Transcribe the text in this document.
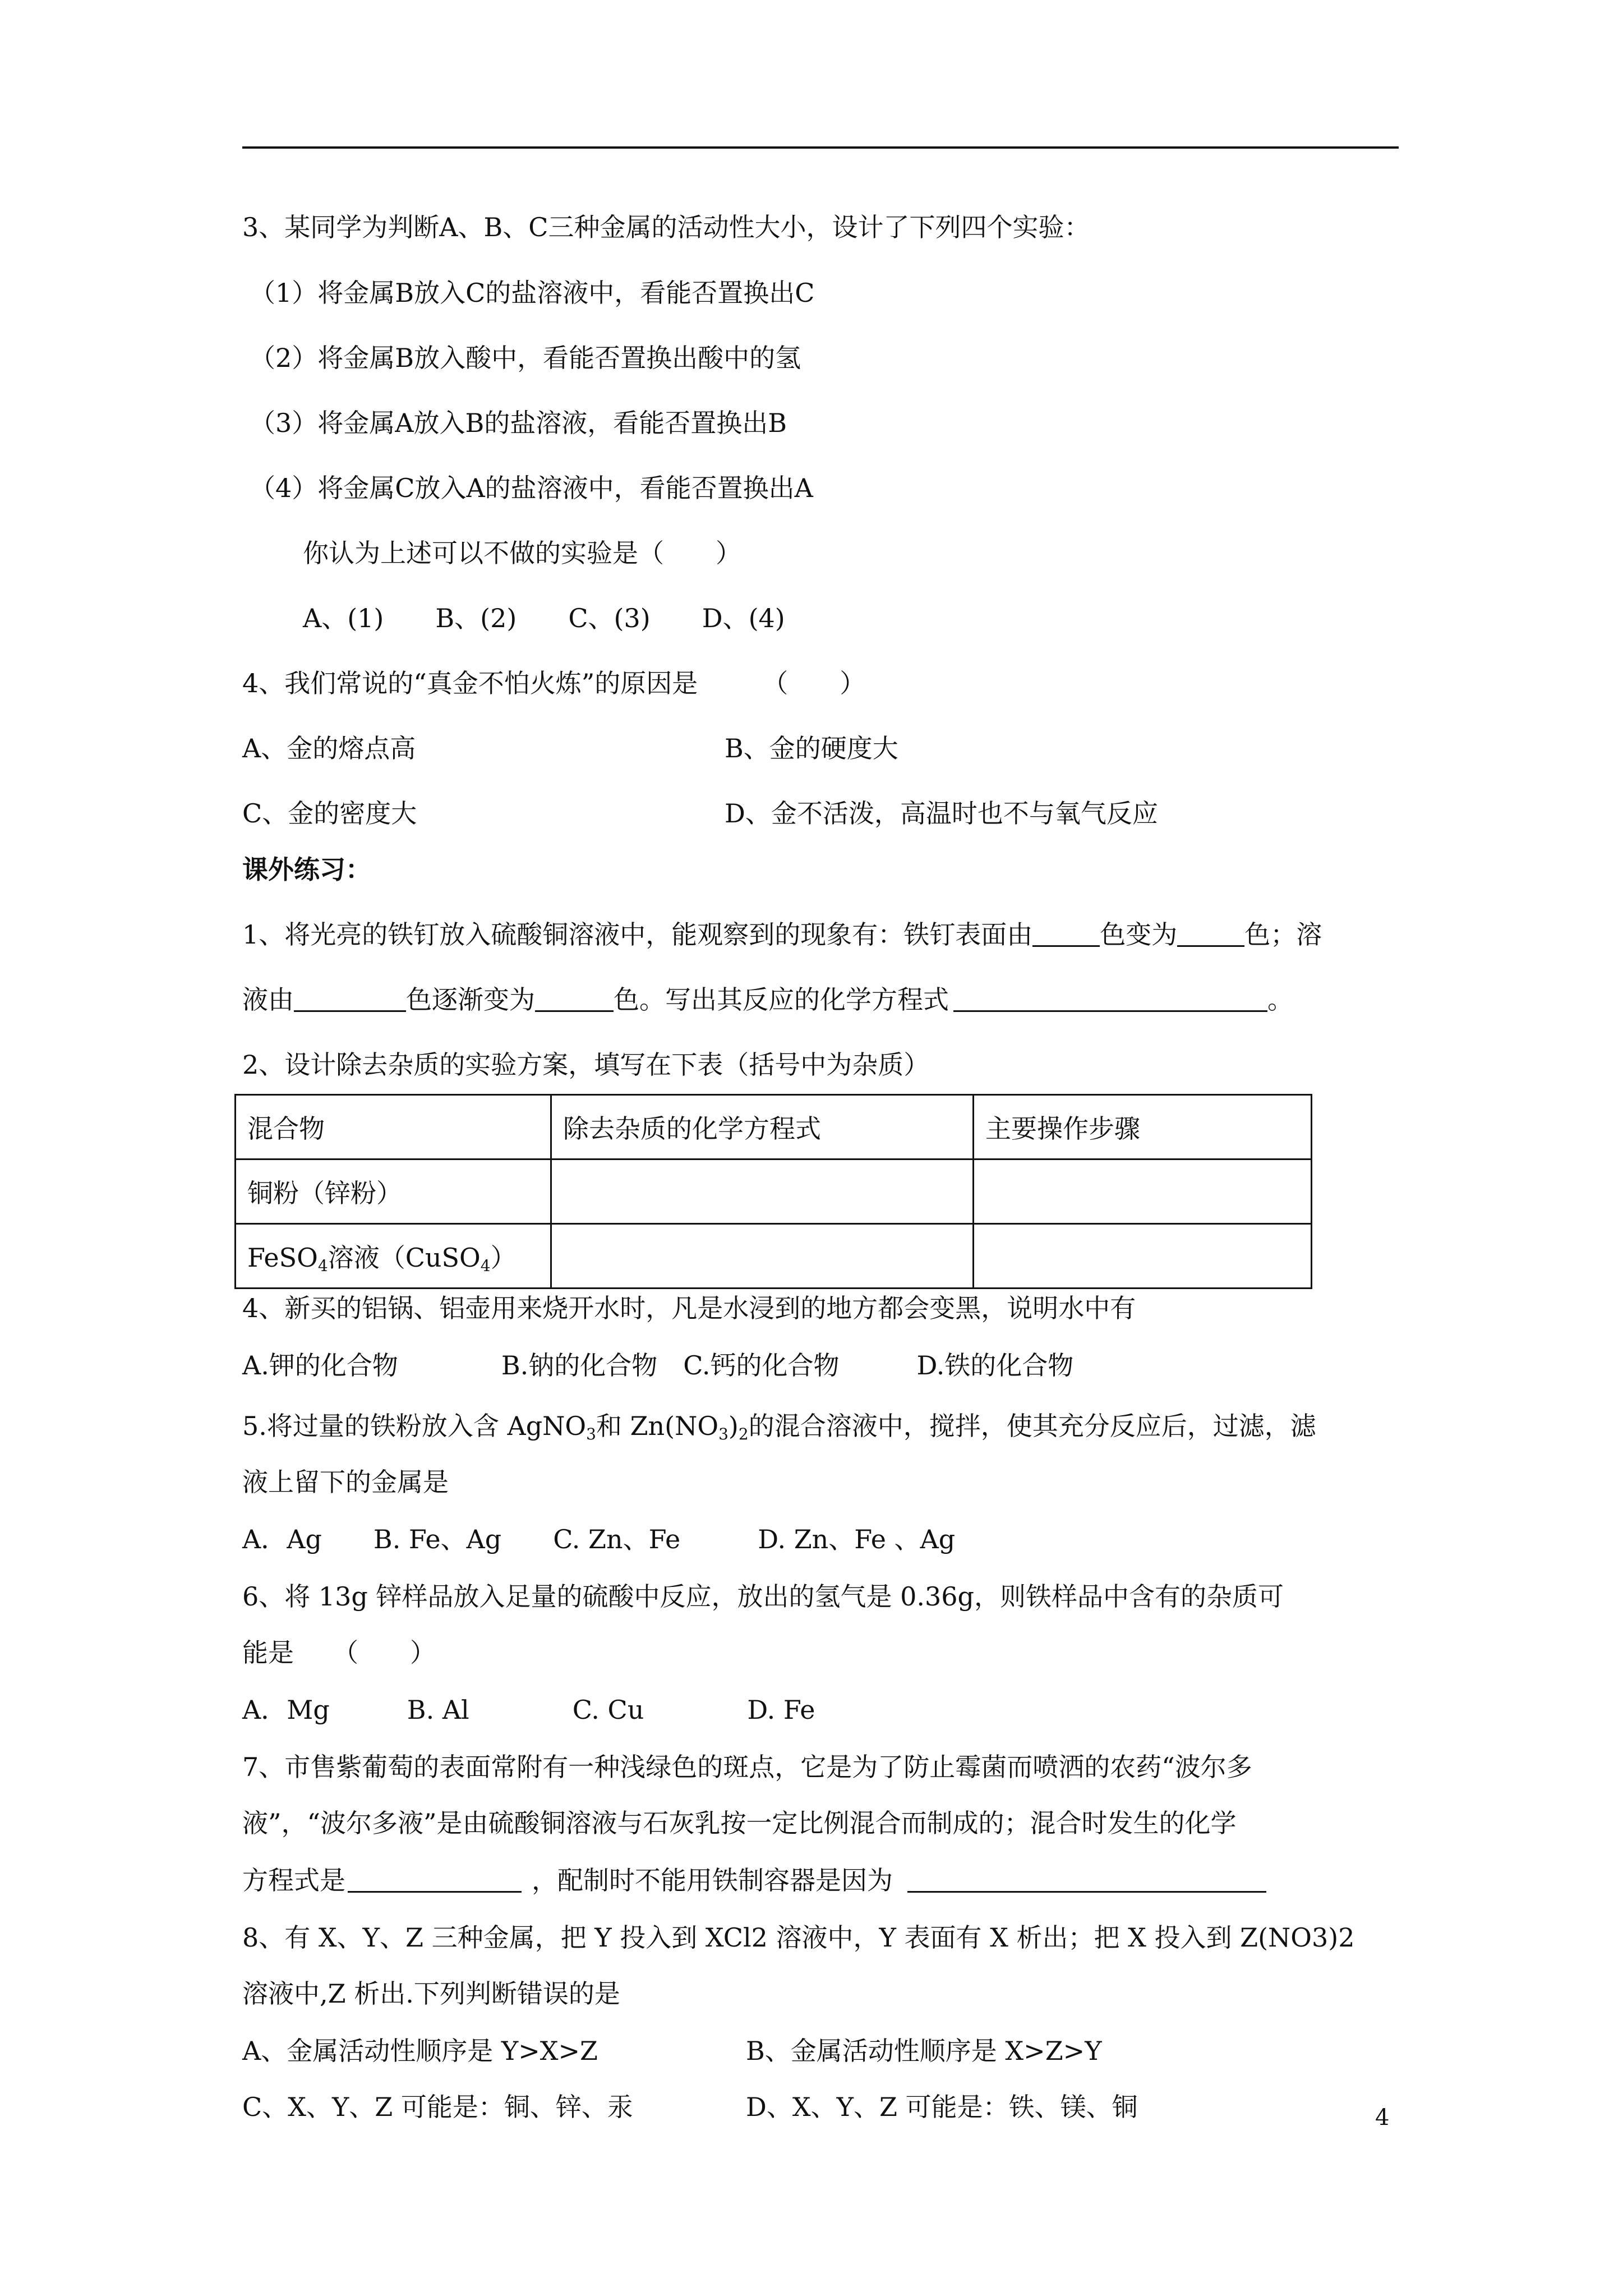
3、某同学为判断A、B、C三种金属的活动性大小，设计了下列四个实验：
（1）将金属B放入C的盐溶液中，看能否置换出C
（2）将金属B放入酸中，看能否置换出酸中的氢
（3）将金属A放入B的盐溶液，看能否置换出B
（4）将金属C放入A的盐溶液中，看能否置换出A
你认为上述可以不做的实验是（　　）
A、(1)　　B、(2)　　C、(3)　　D、(4)
4、我们常说的“真金不怕火炼”的原因是　　　（　　）
A、金的熔点高	B、金的硬度大
C、金的密度大	D、金不活泼，高温时也不与氧气反应
课外练习：
1、将光亮的铁钉放入硫酸铜溶液中，能观察到的现象有：铁钉表面由	色变为	色；溶
液由	色逐渐变为	色。写出其反应的化学方程式	。
2、设计除去杂质的实验方案，填写在下表（括号中为杂质）
混合物	除去杂质的化学方程式	主要操作步骤
铜粉（锌粉）		
FeSO$_4$溶液（CuSO$_4$）		
4、新买的铝锅、铝壶用来烧开水时，凡是水浸到的地方都会变黑，说明水中有
A.钾的化合物　　　　B.钠的化合物　C.钙的化合物　　　D.铁的化合物
5.将过量的铁粉放入含 AgNO$_3$和 $Zn(NO_3)_2$的混合溶液中，搅拌，使其充分反应后，过滤，滤
液上留下的金属是
A．Ag　　B. Fe、Ag　　C. Zn、Fe　　　D. Zn、Fe 、Ag
6、将 13g 锌样品放入足量的硫酸中反应，放出的氢气是 0.36g，则铁样品中含有的杂质可
能是　　（　　）
A．Mg　　　B. Al　　　　C. Cu　　　　D. Fe
7、市售紫葡萄的表面常附有一种浅绿色的斑点，它是为了防止霉菌而喷洒的农药“波尔多
液”，“波尔多液”是由硫酸铜溶液与石灰乳按一定比例混合而制成的；混合时发生的化学
方程式是	，配制时不能用铁制容器是因为
8、有 X、Y、Z 三种金属，把 Y 投入到 XCl2 溶液中，Y 表面有 X 析出；把 X 投入到 Z(NO3)2
溶液中,Z 析出.下列判断错误的是
A、金属活动性顺序是 Y>X>Z	B、金属活动性顺序是 X>Z>Y
C、X、Y、Z 可能是：铜、锌、汞	D、X、Y、Z 可能是：铁、镁、铜	4
